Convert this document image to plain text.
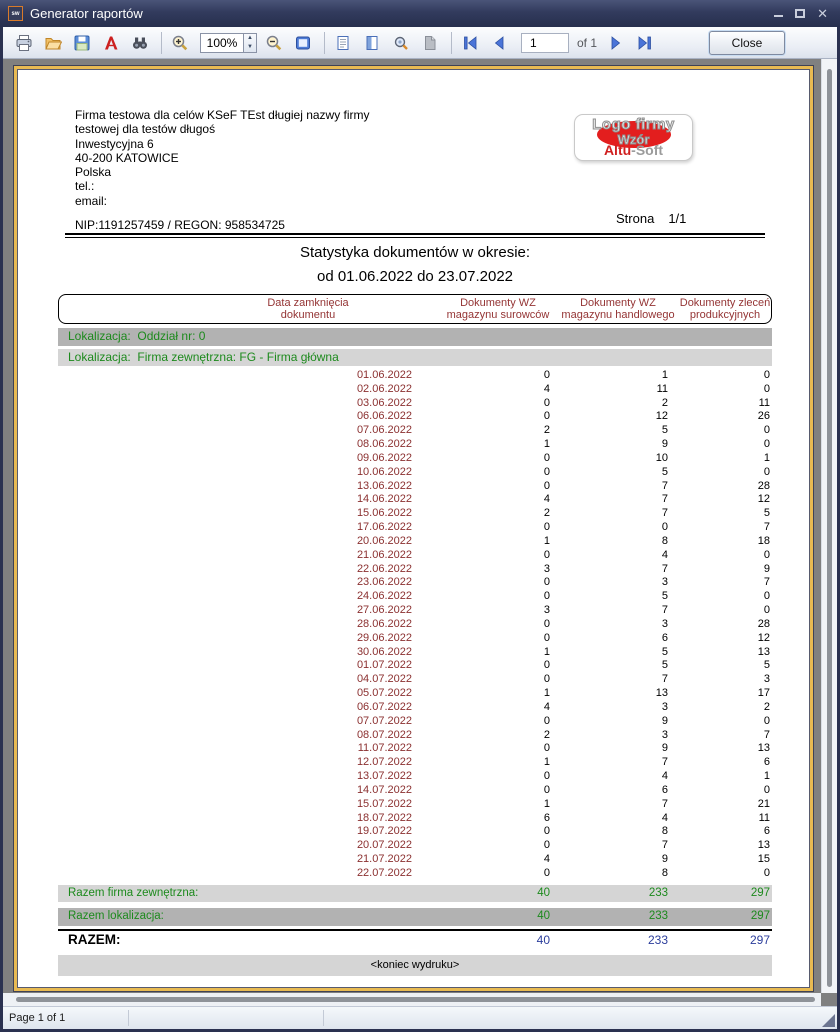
sw Generator raportów	✕
100%
▲
▼
1	of 1	Close
Firma testowa dla celów KSeF TEst długiej nazwy firmy
testowej dla testów długoś
Inwestycyjna 6
40-200 KATOWICE
Polska
tel.:
email:
Logo firmy
Wzór
Altu-Soft
Strona 1/1
NIP:1191257459 / REGON: 958534725
Statystyka dokumentów w okresie:
od 01.06.2022 do 23.07.2022
Data zamknięcia
dokumentu
Dokumenty WZ
magazynu surowców
Dokumenty WZ
magazynu handlowego
Dokumenty zleceń
produkcyjnych
Lokalizacja: Oddział nr: 0
Lokalizacja: Firma zewnętrzna: FG - Firma główna
01.06.2022	0	1	0
02.06.2022	4	11	0
03.06.2022	0	2	11
06.06.2022	0	12	26
07.06.2022	2	5	0
08.06.2022	1	9	0
09.06.2022	0	10	1
10.06.2022	0	5	0
13.06.2022	0	7	28
14.06.2022	4	7	12
15.06.2022	2	7	5
17.06.2022	0	0	7
20.06.2022	1	8	18
21.06.2022	0	4	0
22.06.2022	3	7	9
23.06.2022	0	3	7
24.06.2022	0	5	0
27.06.2022	3	7	0
28.06.2022	0	3	28
29.06.2022	0	6	12
30.06.2022	1	5	13
01.07.2022	0	5	5
04.07.2022	0	7	3
05.07.2022	1	13	17
06.07.2022	4	3	2
07.07.2022	0	9	0
08.07.2022	2	3	7
11.07.2022	0	9	13
12.07.2022	1	7	6
13.07.2022	0	4	1
14.07.2022	0	6	0
15.07.2022	1	7	21
18.07.2022	6	4	11
19.07.2022	0	8	6
20.07.2022	0	7	13
21.07.2022	4	9	15
22.07.2022	0	8	0
Razem firma zewnętrzna:	40	233	297
Razem lokalizacja:	40	233	297
RAZEM:	40	233	297
<koniec wydruku>
Page 1 of 1
